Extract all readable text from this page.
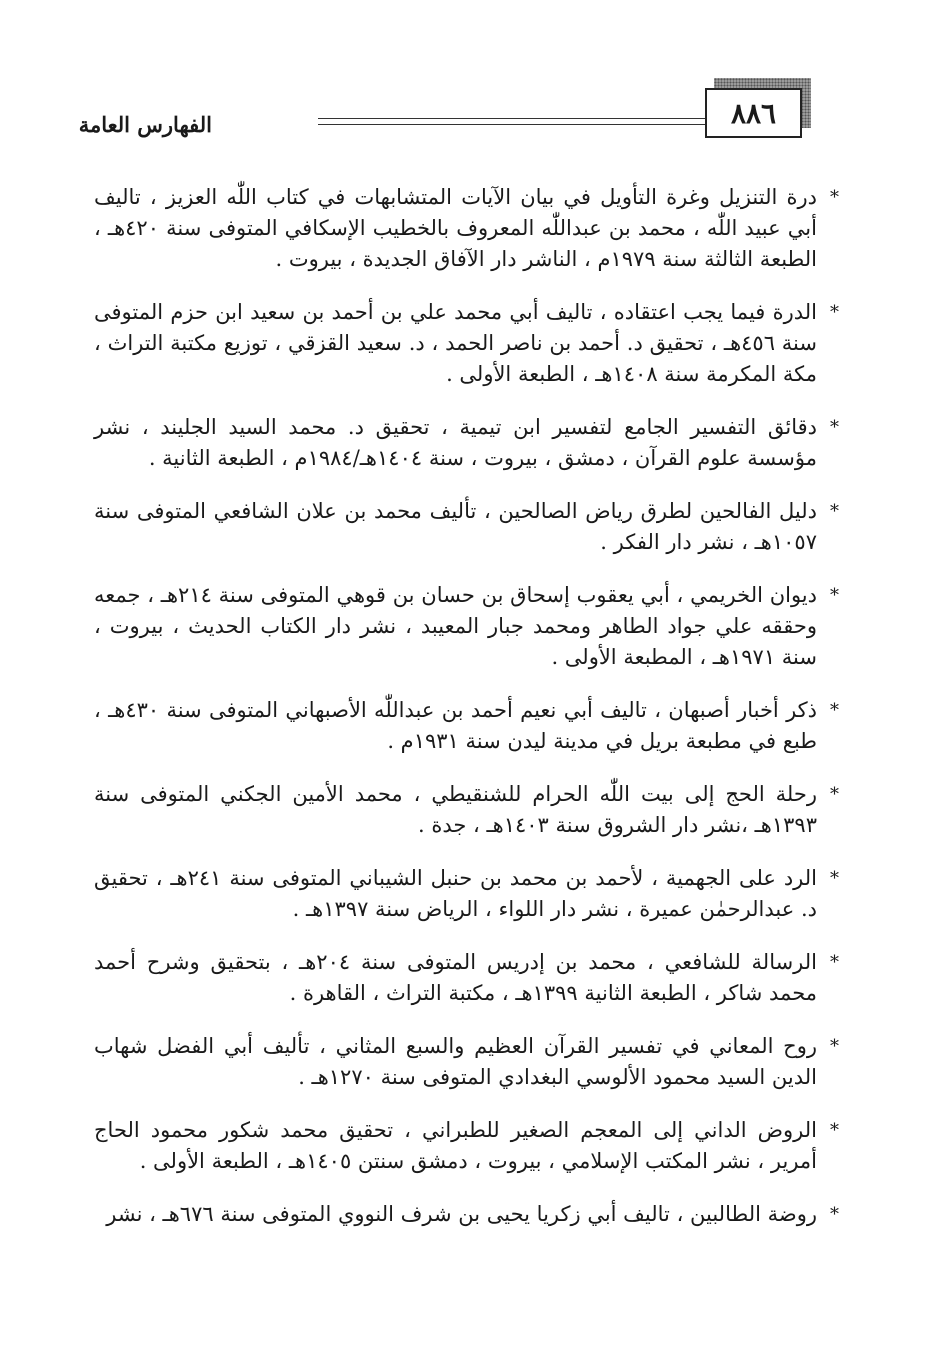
الفهارس العامة	٨٨٦
*
درة التنزيل وغرة التأويل في بيان الآيات المتشابهات في كتاب اللّٰه العزيز ، تاليف أبي عبيد اللّٰه ، محمد بن عبداللّٰه المعروف بالخطيب الإسكافي المتوفى سنة ٤٢٠هـ ، الطبعة الثالثة سنة ١٩٧٩م ، الناشر دار الآفاق الجديدة ، بيروت .
*
الدرة فيما يجب اعتقاده ، تاليف أبي محمد علي بن أحمد بن سعيد ابن حزم المتوفى سنة ٤٥٦هـ ، تحقيق د. أحمد بن ناصر الحمد ، د. سعيد القزقي ، توزيع مكتبة التراث ، مكة المكرمة سنة ١٤٠٨هـ ، الطبعة الأولى .
*
دقائق التفسير الجامع لتفسير ابن تيمية ، تحقيق د. محمد السيد الجليند ، نشر مؤسسة علوم القرآن ، دمشق ، بيروت ، سنة ١٤٠٤هـ/١٩٨٤م ، الطبعة الثانية .
*
دليل الفالحين لطرق رياض الصالحين ، تأليف محمد بن علان الشافعي المتوفى سنة ١٠٥٧هـ ، نشر دار الفكر .
*
ديوان الخريمي ، أبي يعقوب إسحاق بن حسان بن قوهي المتوفى سنة ٢١٤هـ ، جمعه وحققه علي جواد الطاهر ومحمد جبار المعيبد ، نشر دار الكتاب الحديث ، بيروت ، سنة ١٩٧١هـ ، المطبعة الأولى .
*
ذكر أخبار أصبهان ، تاليف أبي نعيم أحمد بن عبداللّٰه الأصبهاني المتوفى سنة ٤٣٠هـ ، طبع في مطبعة بريل في مدينة ليدن سنة ١٩٣١م .
*
رحلة الحج إلى بيت اللّٰه الحرام للشنقيطي ، محمد الأمين الجكني المتوفى سنة ١٣٩٣هـ ،نشر دار الشروق سنة ١٤٠٣هـ ، جدة .
*
الرد على الجهمية ، لأحمد بن محمد بن حنبل الشيباني المتوفى سنة ٢٤١هـ ، تحقيق د. عبدالرحمٰن عميرة ، نشر دار اللواء ، الرياض سنة ١٣٩٧هـ .
*
الرسالة للشافعي ، محمد بن إدريس المتوفى سنة ٢٠٤هـ ، بتحقيق وشرح أحمد محمد شاكر ، الطبعة الثانية ١٣٩٩هـ ، مكتبة التراث ، القاهرة .
*
روح المعاني في تفسير القرآن العظيم والسبع المثاني ، تأليف أبي الفضل شهاب الدين السيد محمود الألوسي البغدادي المتوفى سنة ١٢٧٠هـ .
*
الروض الداني إلى المعجم الصغير للطبراني ، تحقيق محمد شكور محمود الحاج أمرير ، نشر المكتب الإسلامي ، بيروت ، دمشق سنتن ١٤٠٥هـ ، الطبعة الأولى .
*
روضة الطالبين ، تاليف أبي زكريا يحيى بن شرف النووي المتوفى سنة ٦٧٦هـ ، نشر
